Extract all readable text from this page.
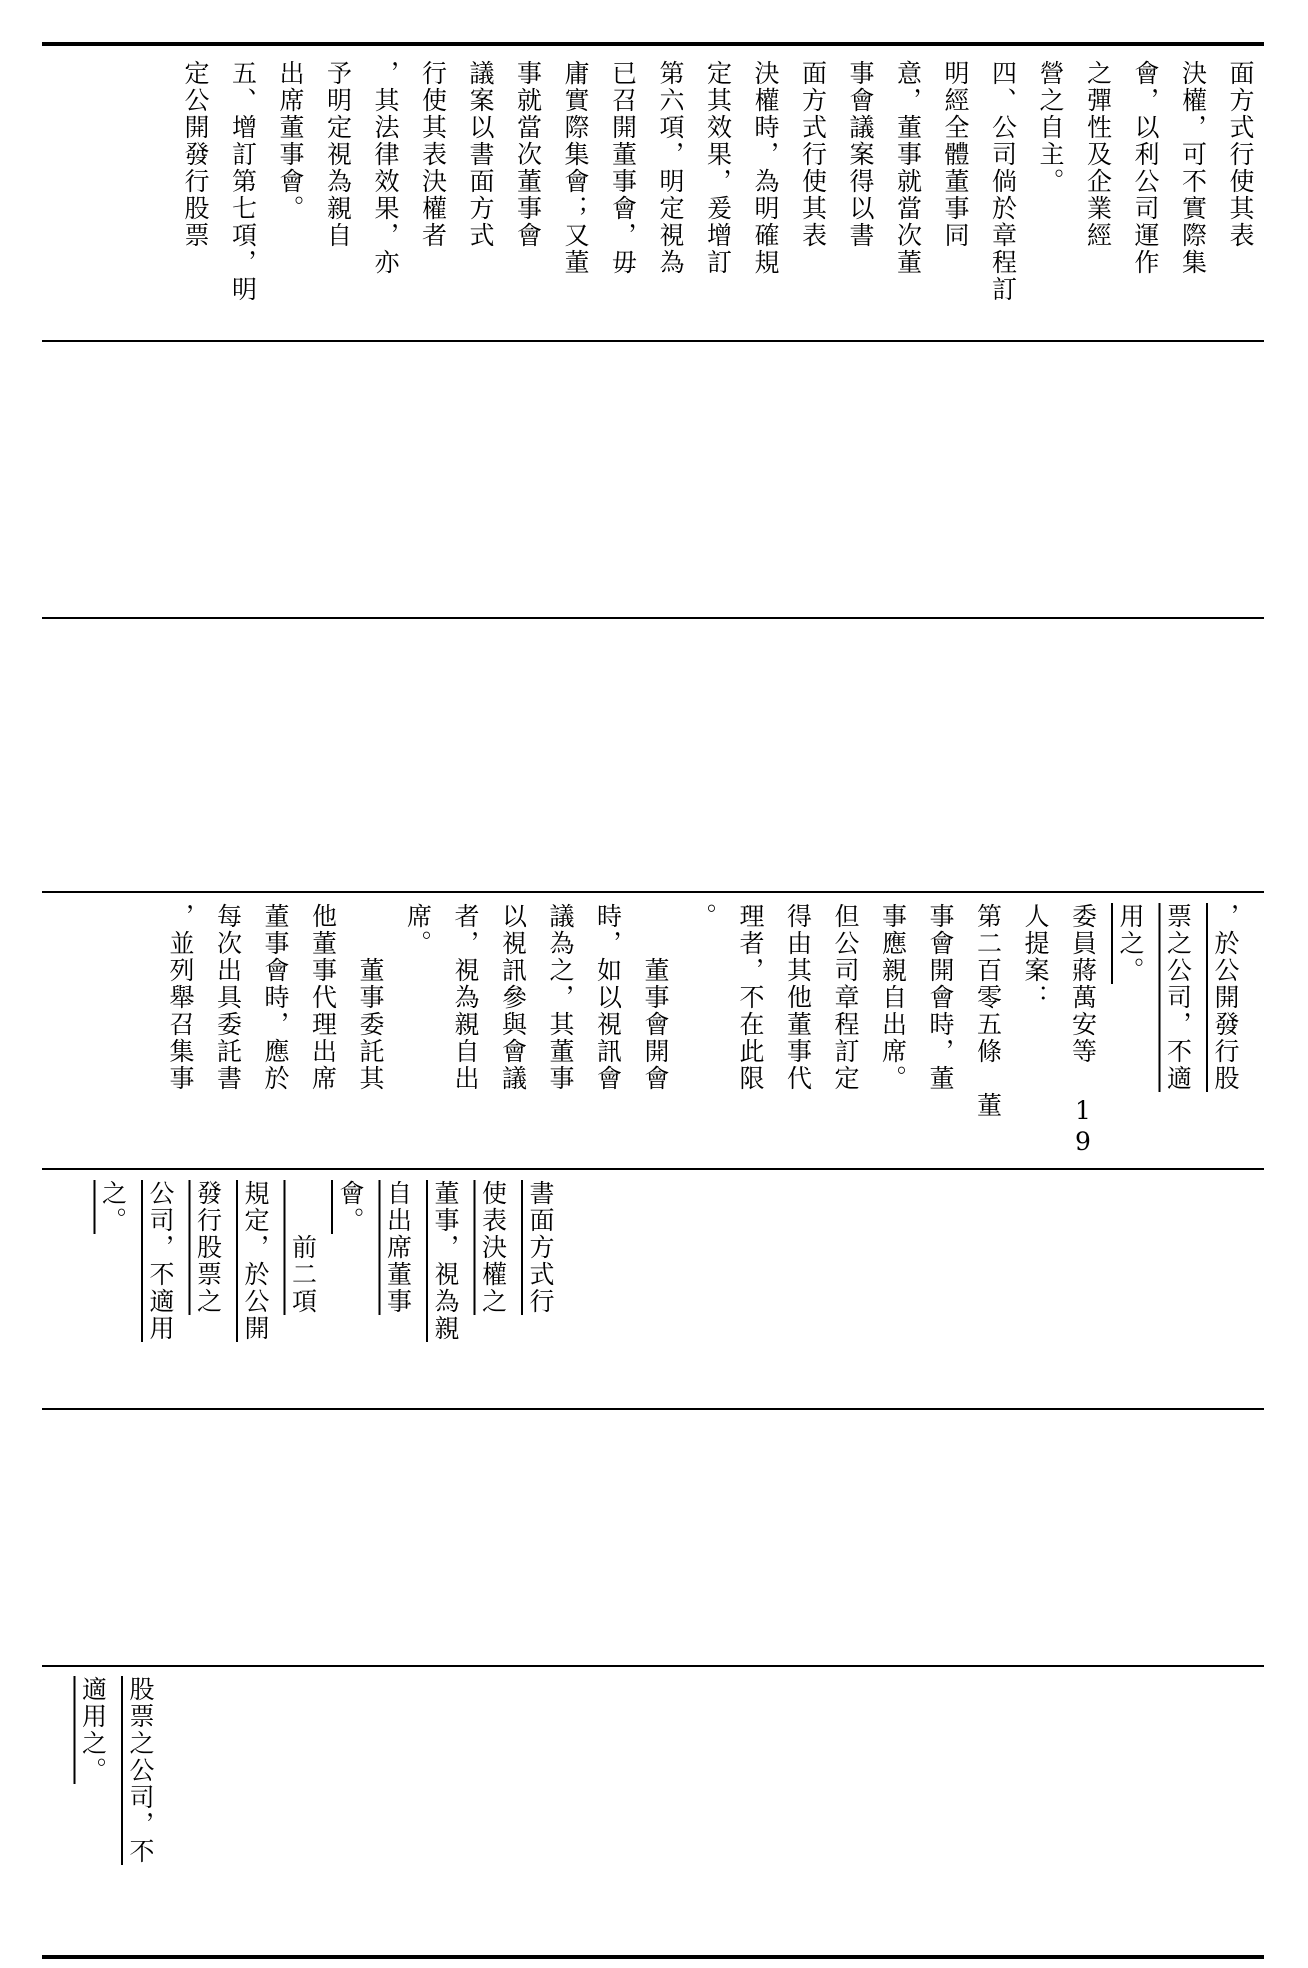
面方式行使其表
決權，可不實際集
會，以利公司運作
之彈性及企業經
營之自主。
四、公司倘於章程訂
明經全體董事同
意，董事就當次董
事會議案得以書
面方式行使其表
決權時，為明確規
定其效果，爰增訂
第六項，明定視為
已召開董事會，毋
庸實際集會；又董
事就當次董事會
議案以書面方式
行使其表決權者
，其法律效果，亦
予明定視為親自
出席董事會。
五、增訂第七項，明
定公開發行股票
，於公開發行股
票之公司，不適
用之。
委員蔣萬安等 19
人提案：
第二百零五條　董
事會開會時，董
事應親自出席。
但公司章程訂定
得由其他董事代
理者，不在此限
。
　　董事會開會
時，如以視訊會
議為之，其董事
以視訊參與會議
者，視為親自出
席。
　　董事委託其
他董事代理出席
董事會時，應於
每次出具委託書
，並列舉召集事
書面方式行
使表決權之
董事，視為親
自出席董事
會。
　　前二項
規定，於公開
發行股票之
公司，不適用
之。
股票之公司，不
適用之。
